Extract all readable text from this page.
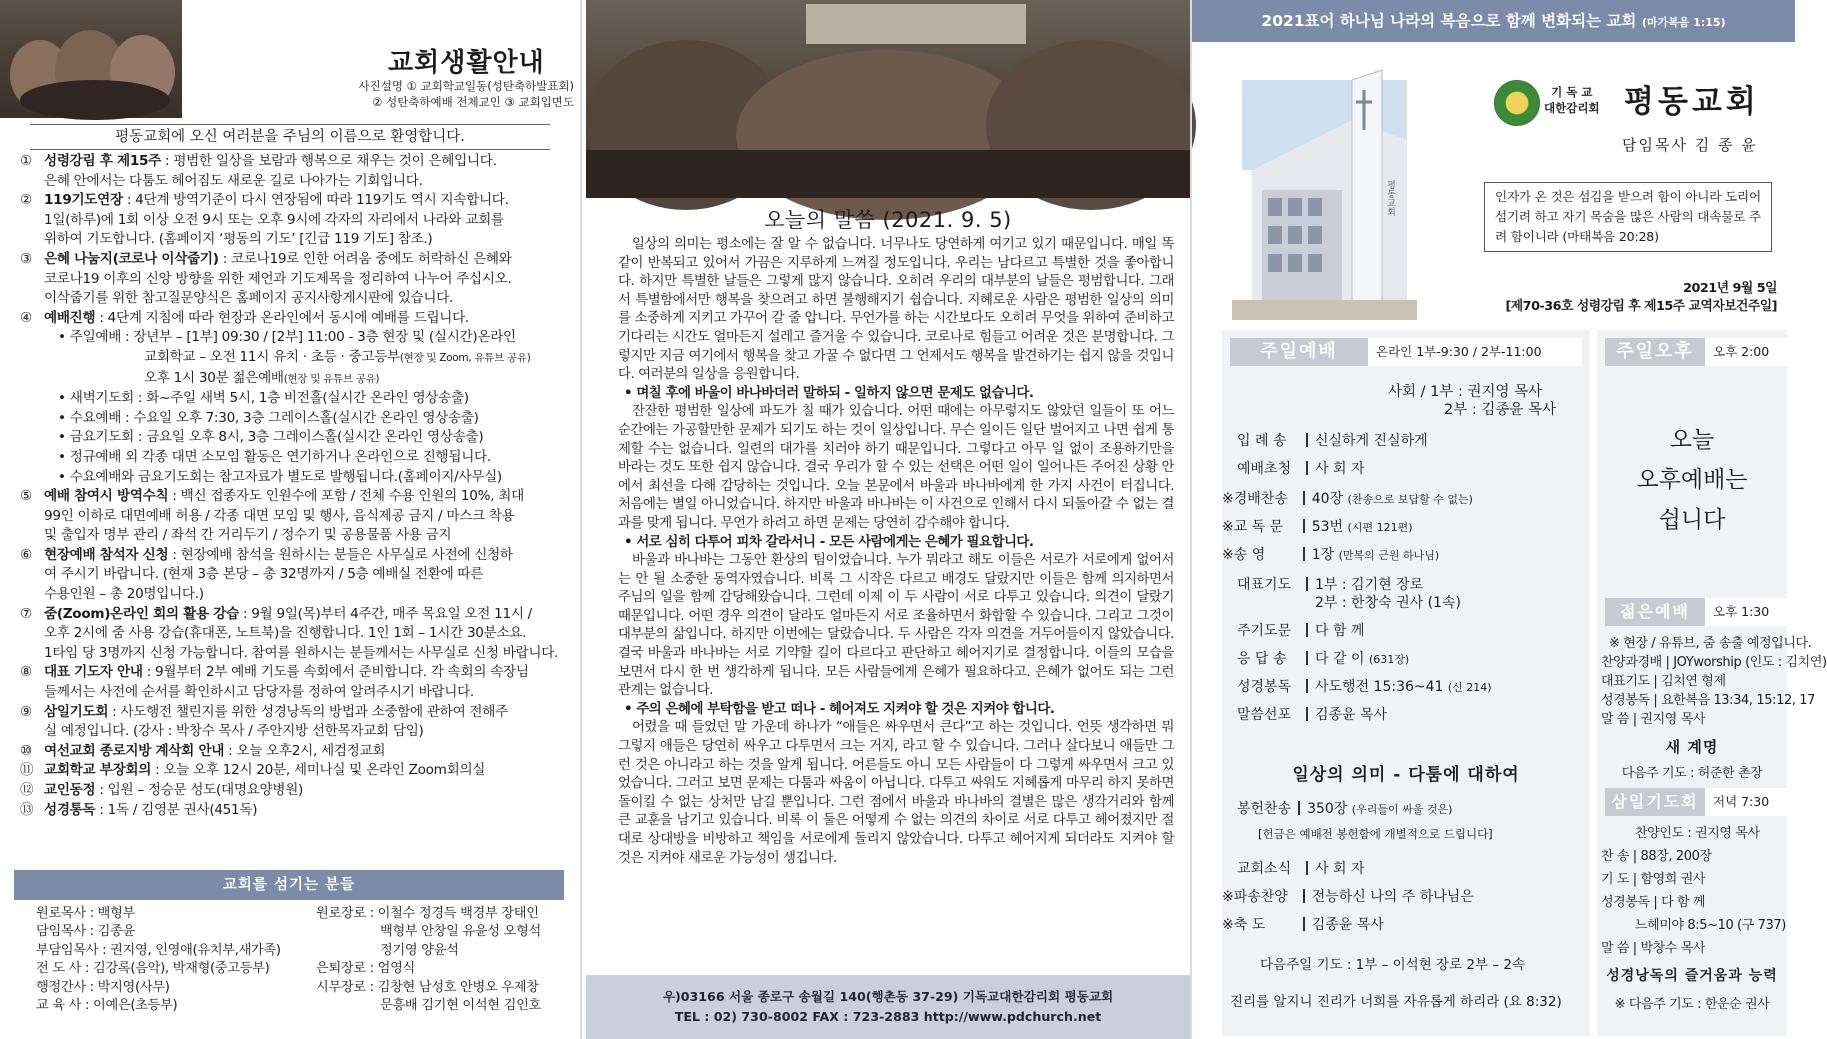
교회생활안내
사진설명 ① 교회학교일동(성탄축하발표회)
② 성탄축하예배 전체교인 ③ 교회입면도
평동교회에 오신 여러분을 주님의 이름으로 환영합니다.
① 성령강림 후 제15주 : 평범한 일상을 보람과 행복으로 채우는 것이 은혜입니다.
은혜 안에서는 다툼도 헤어짐도 새로운 길로 나아가는 기회입니다.
② 119기도연장 : 4단계 방역기준이 다시 연장됨에 따라 119기도 역시 지속합니다.
1일(하루)에 1회 이상 오전 9시 또는 오후 9시에 각자의 자리에서 나라와 교회를
위하여 기도합니다. (홈페이지 ‘평동의 기도’ [긴급 119 기도] 참조.)
③ 은혜 나눔지(코로나 이삭줍기) : 코로나19로 인한 어려움 중에도 허락하신 은혜와
코로나19 이후의 신앙 방향을 위한 제언과 기도제목을 정리하여 나누어 주십시오.
이삭줍기를 위한 참고질문양식은 홈페이지 공지사항게시판에 있습니다.
④ 예배진행 : 4단계 지침에 따라 현장과 온라인에서 동시에 예배를 드립니다.
• 주일예배 : 장년부 – [1부] 09:30 / [2부] 11:00 - 3층 현장 및 (실시간)온라인
교회학교 – 오전 11시 유치 · 초등 · 중고등부(현장 및 Zoom, 유튜브 공유)
오후 1시 30분 젊은예배(현장 및 유튜브 공유)
• 새벽기도회 : 화~주일 새벽 5시, 1층 비전홀(실시간 온라인 영상송출)
• 수요예배 : 수요일 오후 7:30, 3층 그레이스홀(실시간 온라인 영상송출)
• 금요기도회 : 금요일 오후 8시, 3층 그레이스홀(실시간 온라인 영상송출)
• 정규예배 외 각종 대면 소모임 활동은 연기하거나 온라인으로 진행됩니다.
• 수요예배와 금요기도회는 참고자료가 별도로 발행됩니다.(홈페이지/사무실)
⑤ 예배 참여시 방역수칙 : 백신 접종자도 인원수에 포함 / 전체 수용 인원의 10%, 최대
99인 이하로 대면예배 허용 / 각종 대면 모임 및 행사, 음식제공 금지 / 마스크 착용
및 출입자 명부 관리 / 좌석 간 거리두기 / 정수기 및 공용물품 사용 금지
⑥ 현장예배 참석자 신청 : 현장예배 참석을 원하시는 분들은 사무실로 사전에 신청하
여 주시기 바랍니다. (현재 3층 본당 – 총 32명까지 / 5층 예배실 전환에 따른
수용인원 – 총 20명입니다.)
⑦ 줌(Zoom)온라인 회의 활용 강습 : 9월 9일(목)부터 4주간, 매주 목요일 오전 11시 /
오후 2시에 줌 사용 강습(휴대폰, 노트북)을 진행합니다. 1인 1회 – 1시간 30분소요.
1타임 당 3명까지 신청 가능합니다. 참여를 원하시는 분들께서는 사무실로 신청 바랍니다.
⑧ 대표 기도자 안내 : 9월부터 2부 예배 기도를 속회에서 준비합니다. 각 속회의 속장님
들께서는 사전에 순서를 확인하시고 담당자를 정하여 알려주시기 바랍니다.
⑨ 삼일기도회 : 사도행전 챌린지를 위한 성경낭독의 방법과 소중함에 관하여 전해주
실 예정입니다. (강사 : 박창수 목사 / 주안지방 선한목자교회 담임)
⑩ 여선교회 종로지방 계삭회 안내 : 오늘 오후2시, 세검정교회
⑪ 교회학교 부장회의 : 오늘 오후 12시 20분, 세미나실 및 온라인 Zoom회의실
⑫ 교인동정 : 입원 – 정승문 성도(대명요양병원)
⑬ 성경통독 : 1독 / 김영분 권사(451독)
교회를 섬기는 분들
원로목사 : 백형부
담임목사 : 김종윤
부담임목사 : 권지영, 인영애(유치부,새가족)
전 도 사 : 김강록(음악), 박재형(중고등부)
행정간사 : 박지영(사무)
교 육 사 : 이예은(초등부)
원로장로 : 이철수 정경득 백경부 장태인
백형부 안창일 유윤성 오형석
정기영 양윤석
은퇴장로 : 엄영식
시무장로 : 김창현 남성호 안병오 우제창
문흥배 김기현 이석현 김인호
오늘의 말씀 (2021. 9. 5)

일상의 의미는 평소에는 잘 알 수 없습니다. 너무나도 당연하게 여기고 있기 때문입니다. 매일 똑같이 반복되고 있어서 가끔은 지루하게 느껴질 정도입니다. 우리는 남다르고 특별한 것을 좋아합니다. 하지만 특별한 날들은 그렇게 많지 않습니다. 오히려 우리의 대부분의 날들은 평범합니다. 그래서 특별함에서만 행복을 찾으려고 하면 불행해지기 쉽습니다. 지혜로운 사람은 평범한 일상의 의미를 소중하게 지키고 가꾸어 갈 줄 압니다. 무언가를 하는 시간보다도 오히려 무엇을 위하여 준비하고 기다리는 시간도 얼마든지 설레고 즐거울 수 있습니다. 코로나로 힘들고 어려운 것은 분명합니다. 그렇지만 지금 여기에서 행복을 찾고 가꿀 수 없다면 그 언제서도 행복을 발견하기는 쉽지 않을 것입니다. 여러분의 일상을 응원합니다.

• 며칠 후에 바울이 바나바더러 말하되 - 일하지 않으면 문제도 없습니다.

잔잔한 평범한 일상에 파도가 칠 때가 있습니다. 어떤 때에는 아무렇지도 않았던 일들이 또 어느 순간에는 가공할만한 문제가 되기도 하는 것이 일상입니다. 무슨 일이든 일단 벌어지고 나면 쉽게 통제할 수는 없습니다. 일련의 대가를 치러야 하기 때문입니다. 그렇다고 아무 일 없이 조용하기만을 바라는 것도 또한 쉽지 않습니다. 결국 우리가 할 수 있는 선택은 어떤 일이 일어나든 주어진 상황 안에서 최선을 다해 감당하는 것입니다. 오늘 본문에서 바울과 바나바에게 한 가지 사건이 터집니다. 처음에는 별일 아니었습니다. 하지만 바울과 바나바는 이 사건으로 인해서 다시 되돌아갈 수 없는 결과를 맞게 됩니다. 무언가 하려고 하면 문제는 당연히 감수해야 합니다.

• 서로 심히 다투어 피차 갈라서니 - 모든 사람에게는 은혜가 필요합니다.

바울과 바나바는 그동안 환상의 팀이었습니다. 누가 뭐라고 해도 이들은 서로가 서로에게 없어서는 안 될 소중한 동역자였습니다. 비록 그 시작은 다르고 배경도 달랐지만 이들은 함께 의지하면서 주님의 일을 함께 감당해왔습니다. 그런데 이제 이 두 사람이 서로 다투고 있습니다. 의견이 달랐기 때문입니다. 어떤 경우 의견이 달라도 얼마든지 서로 조율하면서 화합할 수 있습니다. 그리고 그것이 대부분의 삶입니다. 하지만 이번에는 달랐습니다. 두 사람은 각자 의견을 거두어들이지 않았습니다. 결국 바울과 바나바는 서로 기약할 길이 다르다고 판단하고 헤어지기로 결정합니다. 이들의 모습을 보면서 다시 한 번 생각하게 됩니다. 모든 사람들에게 은혜가 필요하다고. 은혜가 없어도 되는 그런 관계는 없습니다.

• 주의 은혜에 부탁함을 받고 떠나 - 헤어져도 지켜야 할 것은 지켜야 합니다.

어렸을 때 들었던 말 가운데 하나가 “애들은 싸우면서 큰다”고 하는 것입니다. 언뜻 생각하면 뭐 그렇지 애들은 당연히 싸우고 다투면서 크는 거지, 라고 할 수 있습니다. 그러나 살다보니 애들만 그런 것은 아니라고 하는 것을 알게 됩니다. 어른들도 아니 모든 사람들이 다 그렇게 싸우면서 크고 있었습니다. 그러고 보면 문제는 다툼과 싸움이 아닙니다. 다투고 싸워도 지혜롭게 마무리 하지 못하면 돌이킬 수 없는 상처만 남길 뿐입니다. 그런 점에서 바울과 바나바의 결별은 많은 생각거리와 함께 큰 교훈을 남기고 있습니다. 비록 이 둘은 어떻게 수 없는 의견의 차이로 서로 다투고 헤어졌지만 절대로 상대방을 비방하고 책임을 서로에게 돌리지 않았습니다. 다투고 헤어지게 되더라도 지켜야 할 것은 지켜야 새로운 가능성이 생깁니다.

우)03166 서울 종로구 송월길 140(행촌동 37-29) 기독교대한감리회 평동교회
TEL : 02) 730-8002 FAX : 723-2883 http://www.pdchurch.net
2021표어 하나님 나라의 복음으로 함께 변화되는 교회 (마가복음 1:15)
평동교회
기 독 교
대한감리회 평동교회
담임목사 김 종 윤
인자가 온 것은 섬김을 받으려 함이 아니라 도리어 섬기려 하고 자기 목숨을 많은 사람의 대속물로 주려 함이니라 (마태복음 20:28)
2021년 9월 5일
[제70-36호 성령강림 후 제15주 교역자보건주일]
주일예배	온라인 1부-9:30 / 2부-11:00
사회 / 1부 : 권지영 목사
2부 : 김종윤 목사
입 례 송 신실하게 진실하게
예배초청 사 회 자
※경배찬송 40장 (찬송으로 보답할 수 없는)
※교 독 문 53번 (시편 121편)
※송 영	1장 (만복의 근원 하나님)
대표기도 1부 : 김기현 장로
2부 : 한창숙 권사 (1속)
주기도문 다 함 께
응 답 송 다 같 이 (631장)
성경봉독 사도행전 15:36~41 (신 214)
말씀선포 김종윤 목사
일상의 의미 - 다툼에 대하여
봉헌찬송 350장 (우리들이 싸울 것은)
[헌금은 예배전 봉헌함에 개별적으로 드립니다]
교회소식 사 회 자
※파송찬양 전능하신 나의 주 하나님은
※축 도	김종윤 목사
다음주일 기도 : 1부 – 이석현 장로 2부 – 2속
진리를 알지니 진리가 너희를 자유롭게 하리라 (요 8:32)
주일오후	오후 2:00
오늘
오후예배는
쉽니다
젊은예배	오후 1:30
※ 현장 / 유튜브, 줌 송출 예정입니다.
찬양과경배 | JOYworship (인도 : 김치연)
대표기도 | 김치연 형제
성경봉독 | 요한복음 13:34, 15:12, 17
말 씀 | 권지영 목사
새 계명
다음주 기도 : 허준한 촌장
삼일기도회	저녁 7:30
찬양인도 : 권지영 목사
찬 송 | 88장, 200장
기 도 | 함영희 권사
성경봉독 | 다 함 께
느헤미야 8:5~10 (구 737)
말 씀 | 박창수 목사
성경낭독의 즐거움과 능력
※ 다음주 기도 : 한운순 권사
